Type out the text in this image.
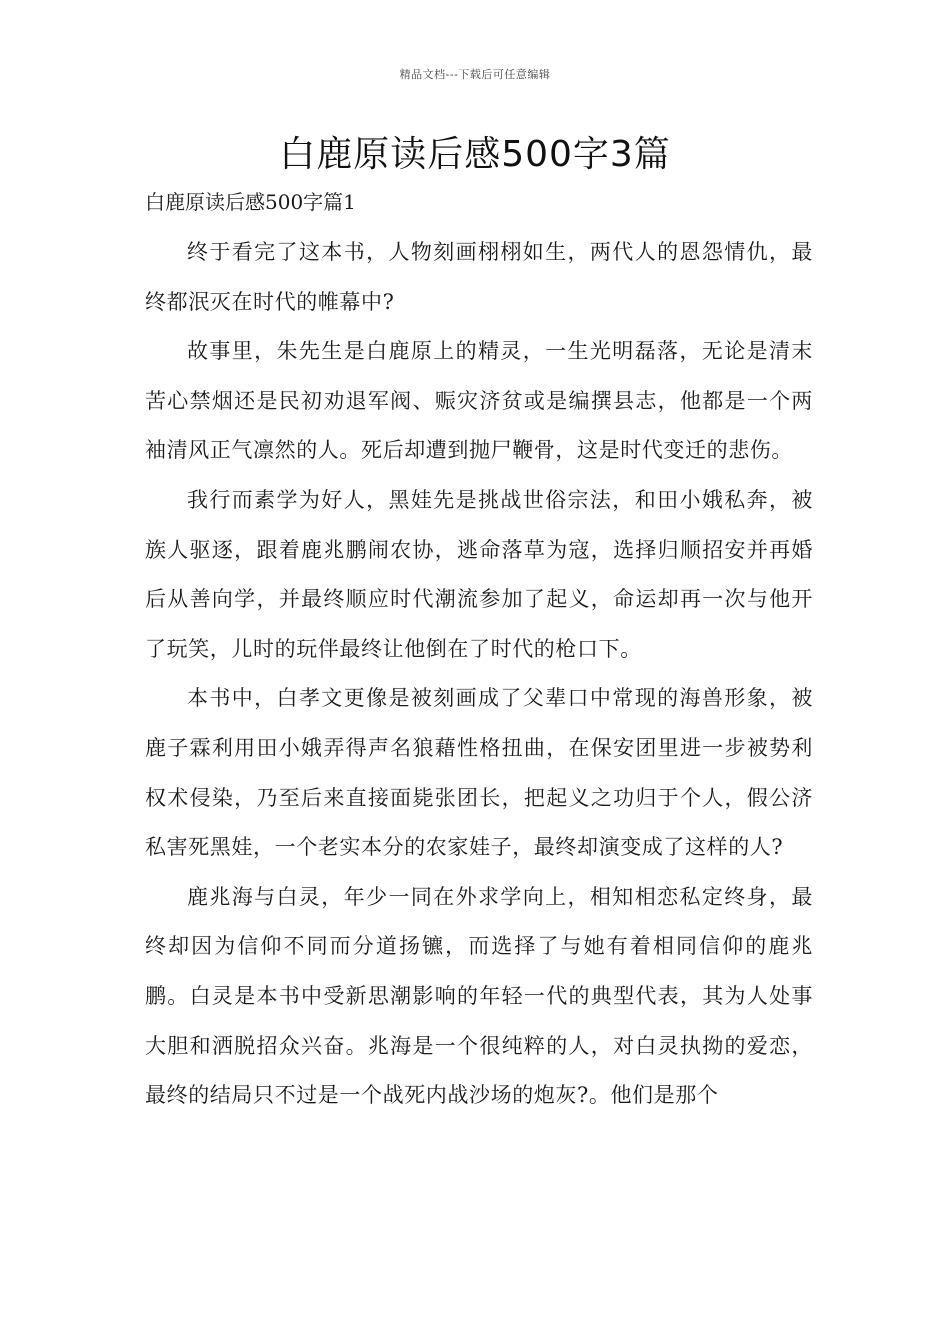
精品文档---下载后可任意编辑
白鹿原读后感500字3篇
白鹿原读后感500字篇1

终于看完了这本书，人物刻画栩栩如生，两代人的恩怨情仇，最终都泯灭在时代的帷幕中?

故事里，朱先生是白鹿原上的精灵，一生光明磊落，无论是清末苦心禁烟还是民初劝退军阀、赈灾济贫或是编撰县志，他都是一个两袖清风正气凛然的人。死后却遭到抛尸鞭骨，这是时代变迁的悲伤。

我行而素学为好人，黑娃先是挑战世俗宗法，和田小娥私奔，被族人驱逐，跟着鹿兆鹏闹农协，逃命落草为寇，选择归顺招安并再婚后从善向学，并最终顺应时代潮流参加了起义，命运却再一次与他开了玩笑，儿时的玩伴最终让他倒在了时代的枪口下。

本书中，白孝文更像是被刻画成了父辈口中常现的海兽形象，被鹿子霖利用田小娥弄得声名狼藉性格扭曲，在保安团里进一步被势利权术侵染，乃至后来直接面毙张团长，把起义之功归于个人，假公济私害死黑娃，一个老实本分的农家娃子，最终却演变成了这样的人?

鹿兆海与白灵，年少一同在外求学向上，相知相恋私定终身，最终却因为信仰不同而分道扬镳，而选择了与她有着相同信仰的鹿兆鹏。白灵是本书中受新思潮影响的年轻一代的典型代表，其为人处事大胆和洒脱招众兴奋。兆海是一个很纯粹的人，对白灵执拗的爱恋，最终的结局只不过是一个战死内战沙场的炮灰?。他们是那个
